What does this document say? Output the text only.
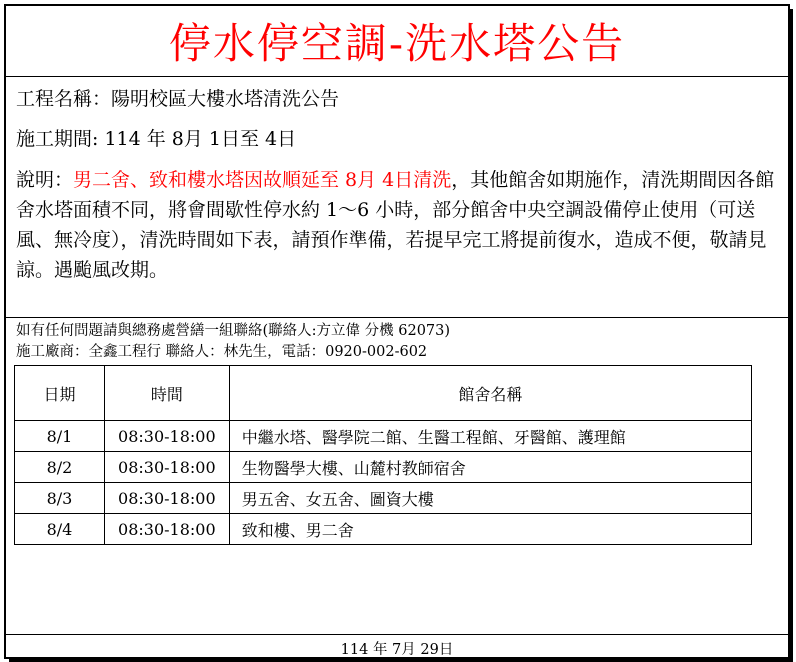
停水停空調-洗水塔公告

工程名稱：陽明校區大樓水塔清洗公告

施工期間: 114 年 8月 1日至 4日

說明：男二舍、致和樓水塔因故順延至 8月 4日清洗，其他館舍如期施作，清洗期間因各館舍水塔面積不同，將會間歇性停水約 1～6 小時，部分館舍中央空調設備停止使用（可送風、無冷度），清洗時間如下表，請預作準備，若提早完工將提前復水，造成不便，敬請見諒。遇颱風改期。

如有任何問題請與總務處營繕一組聯絡(聯絡人:方立偉 分機 62073)

施工廠商：全鑫工程行 聯絡人：林先生，電話：0920-002-602

日期	時間	館舍名稱
8/1	08:30-18:00	中繼水塔、醫學院二館、生醫工程館、牙醫館、護理館
8/2	08:30-18:00	生物醫學大樓、山麓村教師宿舍
8/3	08:30-18:00	男五舍、女五舍、圖資大樓
8/4	08:30-18:00	致和樓、男二舍
114 年 7月 29日
